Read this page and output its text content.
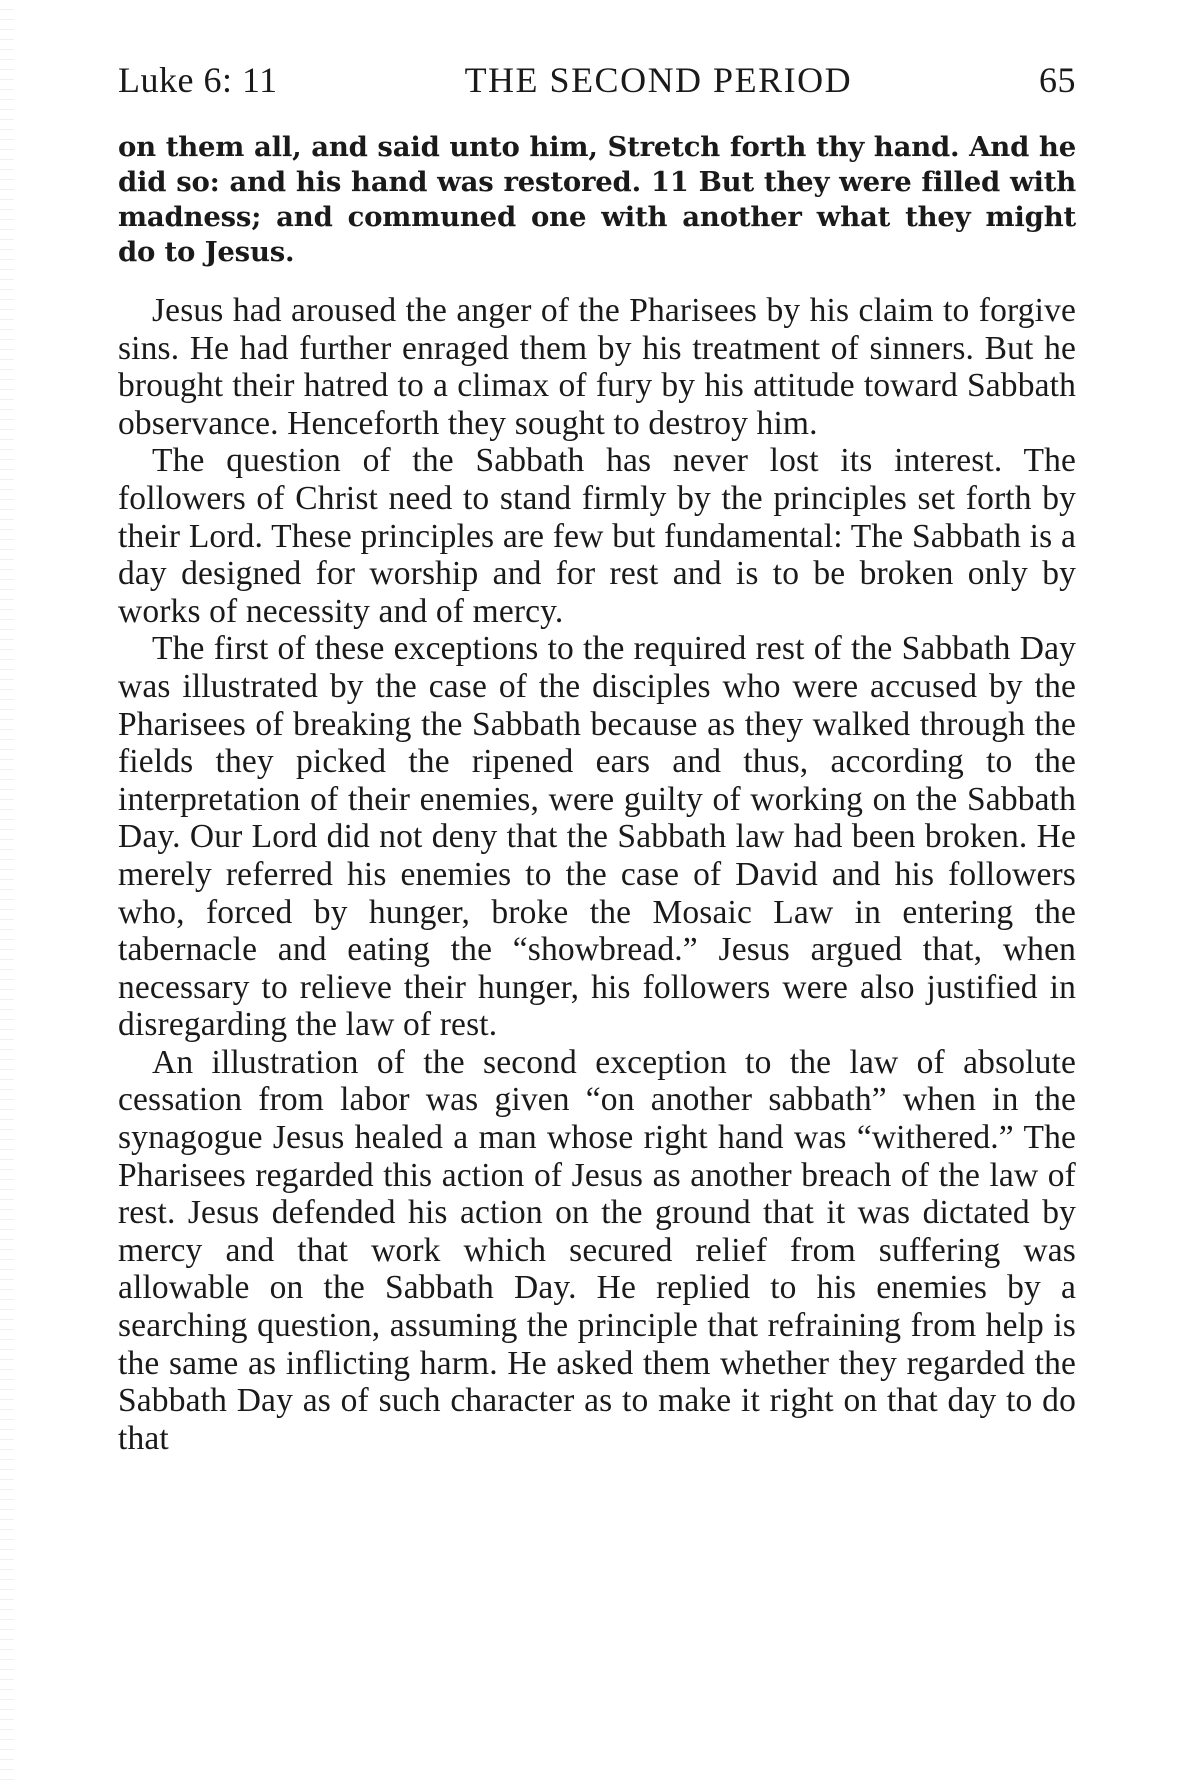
Luke 6: 11	THE SECOND PERIOD	65

on them all, and said unto him, Stretch forth thy hand. And he did so: and his hand was restored. 11 But they were filled with madness; and communed one with another what they might do to Jesus.

Jesus had aroused the anger of the Pharisees by his claim to forgive sins. He had further enraged them by his treatment of sinners. But he brought their hatred to a climax of fury by his attitude toward Sabbath observance. Henceforth they sought to destroy him.

The question of the Sabbath has never lost its interest. The followers of Christ need to stand firmly by the principles set forth by their Lord. These principles are few but fundamental: The Sabbath is a day designed for worship and for rest and is to be broken only by works of necessity and of mercy.

The first of these exceptions to the required rest of the Sabbath Day was illustrated by the case of the disciples who were accused by the Pharisees of breaking the Sabbath because as they walked through the fields they picked the ripened ears and thus, according to the interpretation of their enemies, were guilty of working on the Sabbath Day. Our Lord did not deny that the Sabbath law had been broken. He merely referred his enemies to the case of David and his followers who, forced by hunger, broke the Mosaic Law in entering the tabernacle and eating the “showbread.” Jesus argued that, when necessary to relieve their hunger, his followers were also justified in disregarding the law of rest.

An illustration of the second exception to the law of absolute cessation from labor was given “on another sabbath” when in the synagogue Jesus healed a man whose right hand was “withered.” The Pharisees regarded this action of Jesus as another breach of the law of rest. Jesus defended his action on the ground that it was dictated by mercy and that work which secured relief from suffering was allowable on the Sabbath Day. He replied to his enemies by a searching question, assuming the principle that refraining from help is the same as inflicting harm. He asked them whether they regarded the Sabbath Day as of such character as to make it right on that day to do that
